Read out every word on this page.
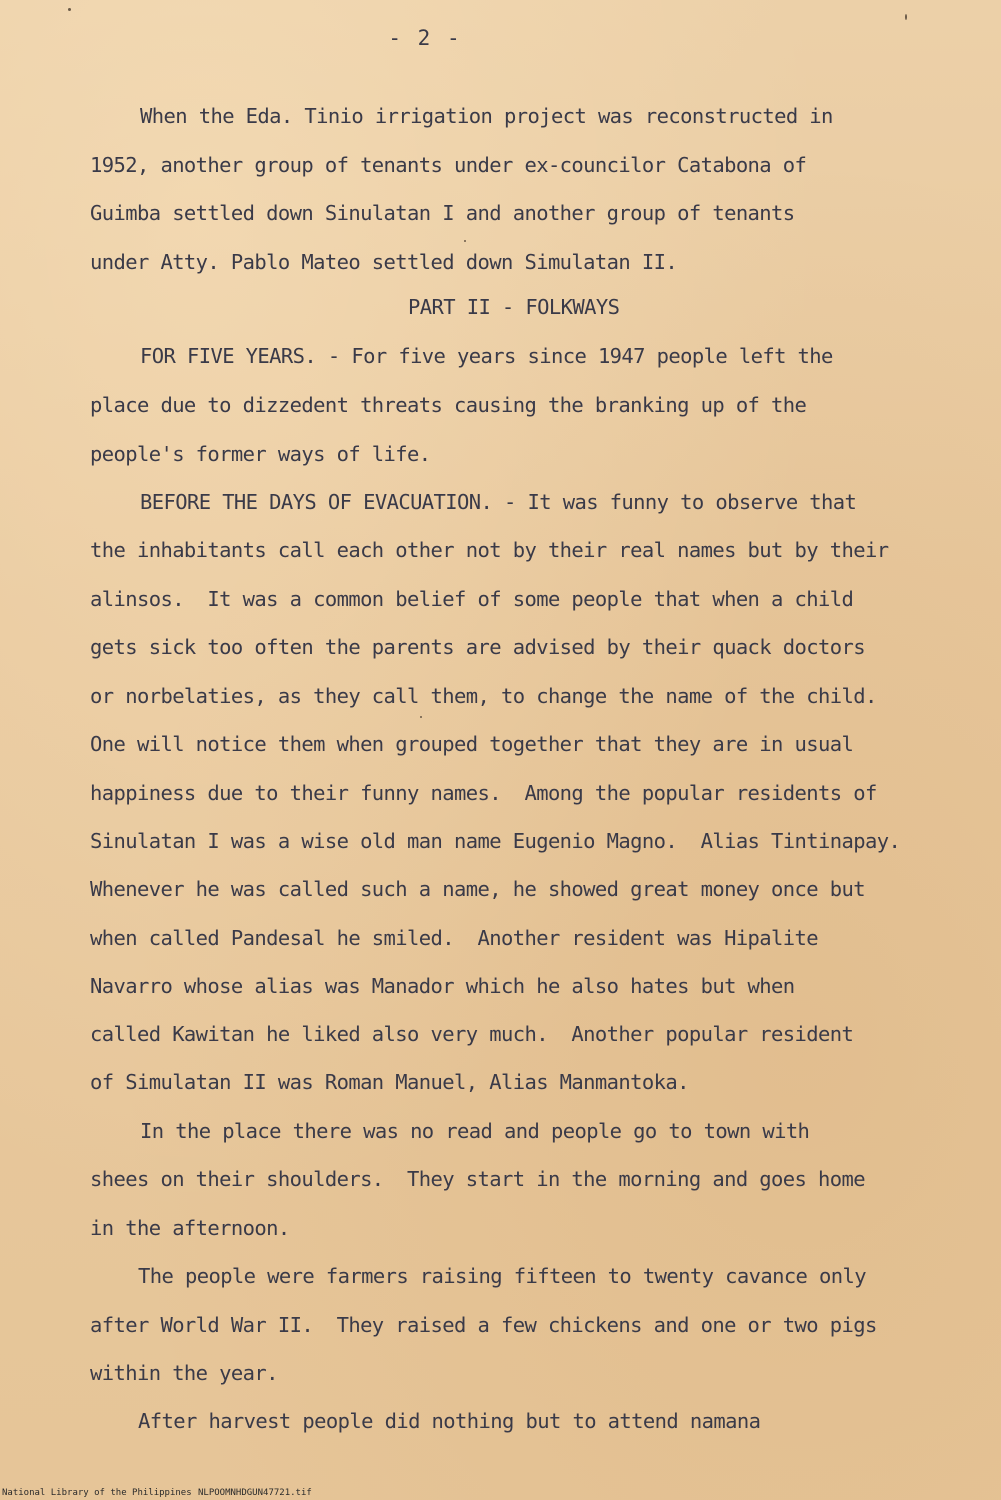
- 2 -
When the Eda. Tinio irrigation project was reconstructed in
1952, another group of tenants under ex-councilor Catabona of
Guimba settled down Sinulatan I and another group of tenants
under Atty. Pablo Mateo settled down Simulatan II.
PART II - FOLKWAYS
FOR FIVE YEARS. - For five years since 1947 people left the
place due to dizzedent threats causing the branking up of the
people's former ways of life.
BEFORE THE DAYS OF EVACUATION. - It was funny to observe that
the inhabitants call each other not by their real names but by their
alinsos.  It was a common belief of some people that when a child
gets sick too often the parents are advised by their quack doctors
or norbelaties, as they call them, to change the name of the child.
One will notice them when grouped together that they are in usual
happiness due to their funny names.  Among the popular residents of
Sinulatan I was a wise old man name Eugenio Magno.  Alias Tintinapay.
Whenever he was called such a name, he showed great money once but
when called Pandesal he smiled.  Another resident was Hipalite
Navarro whose alias was Manador which he also hates but when
called Kawitan he liked also very much.  Another popular resident
of Simulatan II was Roman Manuel, Alias Manmantoka.
In the place there was no read and people go to town with
shees on their shoulders.  They start in the morning and goes home
in the afternoon.
The people were farmers raising fifteen to twenty cavance only
after World War II.  They raised a few chickens and one or two pigs
within the year.
After harvest people did nothing but to attend namana
National Library of the Philippines NLPOOMNHDGUN47721.tif
